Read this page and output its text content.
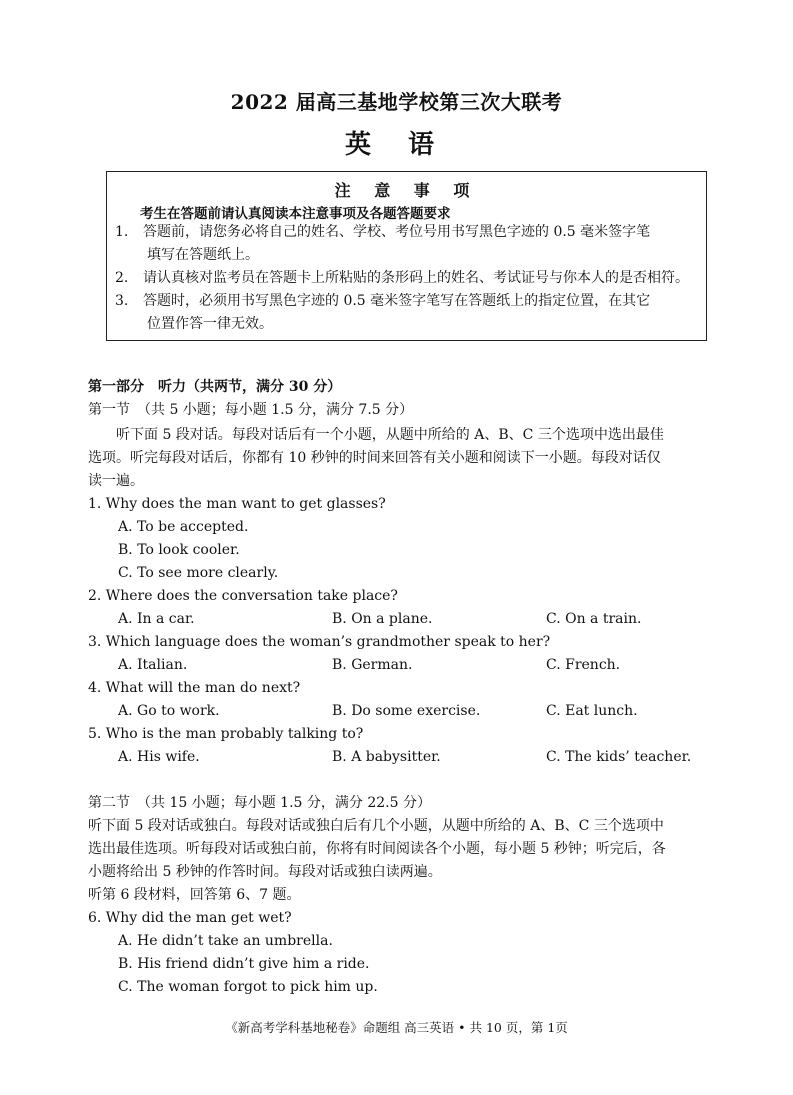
2022 届高三基地学校第三次大联考
英 语
注 意 事 项
考生在答题前请认真阅读本注意事项及各题答题要求
1. 答题前，请您务必将自己的姓名、学校、考位号用书写黑色字迹的 0.5 毫米签字笔
填写在答题纸上。
2. 请认真核对监考员在答题卡上所粘贴的条形码上的姓名、考试证号与你本人的是否相符。
3. 答题时，必须用书写黑色字迹的 0.5 毫米签字笔写在答题纸上的指定位置，在其它
位置作答一律无效。
第一部分　听力（共两节，满分 30 分）
第一节　（共 5 小题；每小题 1.5 分，满分 7.5 分）
听下面 5 段对话。每段对话后有一个小题，从题中所给的 A、B、C 三个选项中选出最佳
选项。听完每段对话后，你都有 10 秒钟的时间来回答有关小题和阅读下一小题。每段对话仅
读一遍。
1. Why does the man want to get glasses?
A. To be accepted.
B. To look cooler.
C. To see more clearly.
2. Where does the conversation take place?
A. In a car.	B. On a plane.	C. On a train.
3. Which language does the woman’s grandmother speak to her?
A. Italian.	B. German.	C. French.
4. What will the man do next?
A. Go to work.	B. Do some exercise.	C. Eat lunch.
5. Who is the man probably talking to?
A. His wife.	B. A babysitter.	C. The kids’ teacher.
第二节　（共 15 小题；每小题 1.5 分，满分 22.5 分）
听下面 5 段对话或独白。每段对话或独白后有几个小题，从题中所给的 A、B、C 三个选项中
选出最佳选项。听每段对话或独白前，你将有时间阅读各个小题，每小题 5 秒钟；听完后，各
小题将给出 5 秒钟的作答时间。每段对话或独白读两遍。
听第 6 段材料，回答第 6、7 题。
6. Why did the man get wet?
A. He didn’t take an umbrella.
B. His friend didn’t give him a ride.
C. The woman forgot to pick him up.
《新高考学科基地秘卷》命题组 高三英语 • 共 10 页，第 1页
